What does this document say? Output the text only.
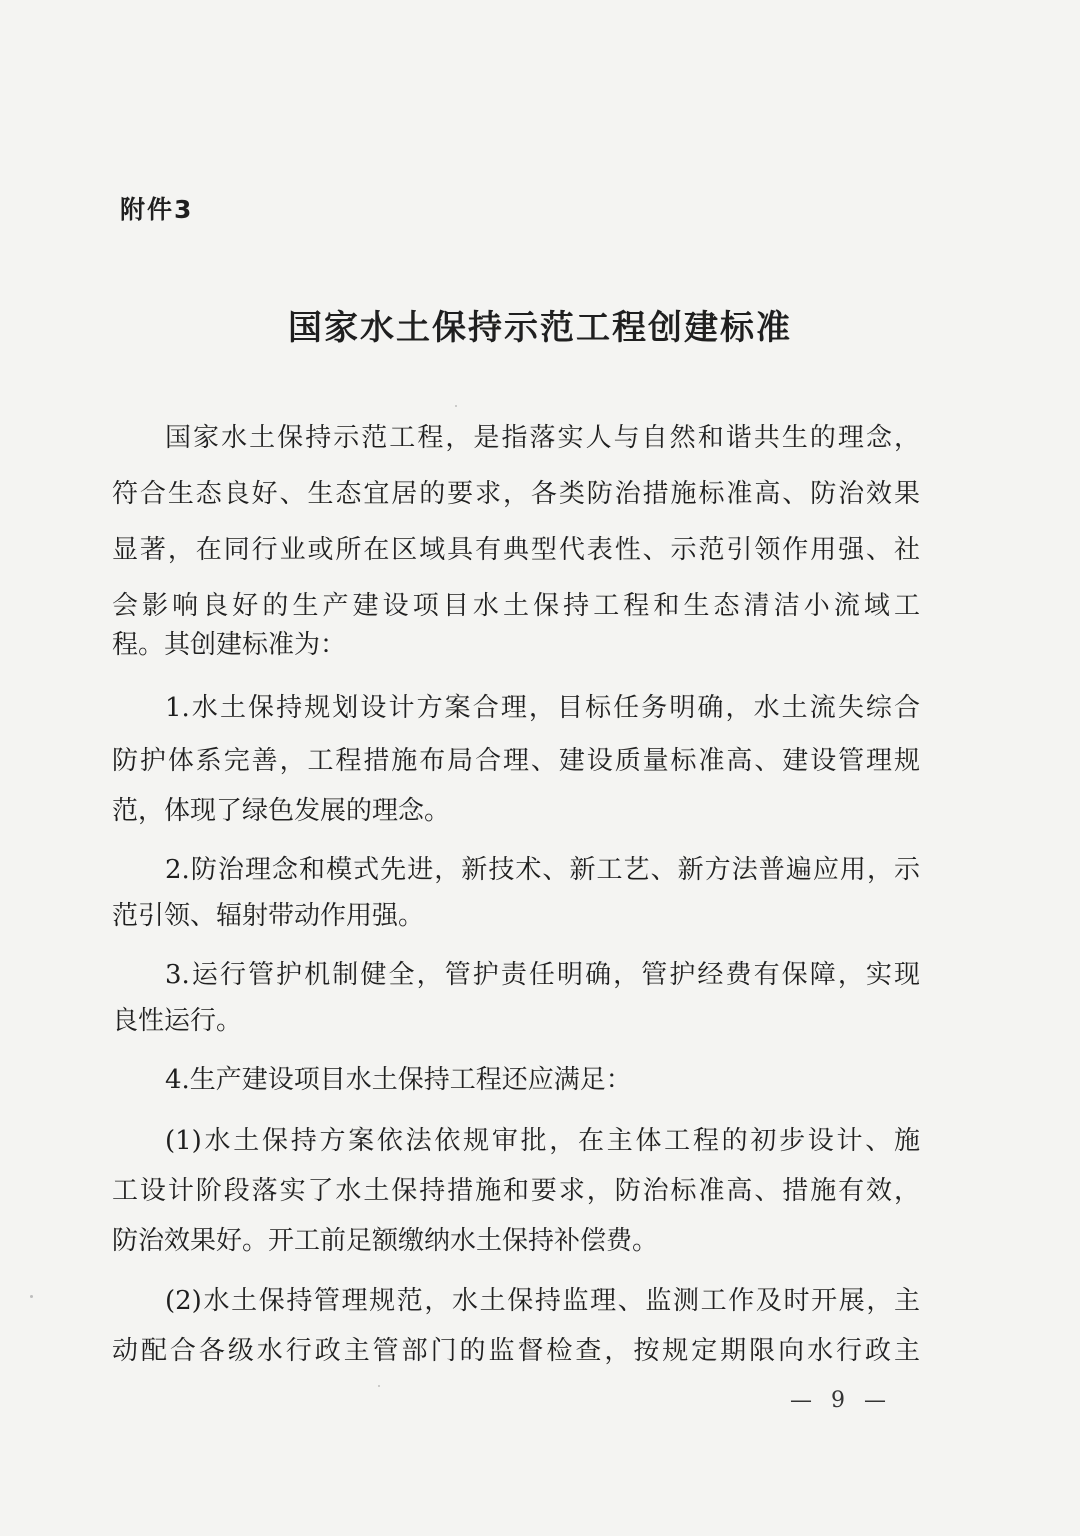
附件3
国家水土保持示范工程创建标准
国家水土保持示范工程，是指落实人与自然和谐共生的理念，
符合生态良好、生态宜居的要求，各类防治措施标准高、防治效果
显著，在同行业或所在区域具有典型代表性、示范引领作用强、社
会影响良好的生产建设项目水土保持工程和生态清洁小流域工
程。其创建标准为：
1.水土保持规划设计方案合理，目标任务明确，水土流失综合
防护体系完善，工程措施布局合理、建设质量标准高、建设管理规
范，体现了绿色发展的理念。
2.防治理念和模式先进，新技术、新工艺、新方法普遍应用，示
范引领、辐射带动作用强。
3.运行管护机制健全，管护责任明确，管护经费有保障，实现
良性运行。
4.生产建设项目水土保持工程还应满足：
(1)水土保持方案依法依规审批，在主体工程的初步设计、施
工设计阶段落实了水土保持措施和要求，防治标准高、措施有效，
防治效果好。开工前足额缴纳水土保持补偿费。
(2)水土保持管理规范，水土保持监理、监测工作及时开展，主
动配合各级水行政主管部门的监督检查，按规定期限向水行政主
— 9 —
